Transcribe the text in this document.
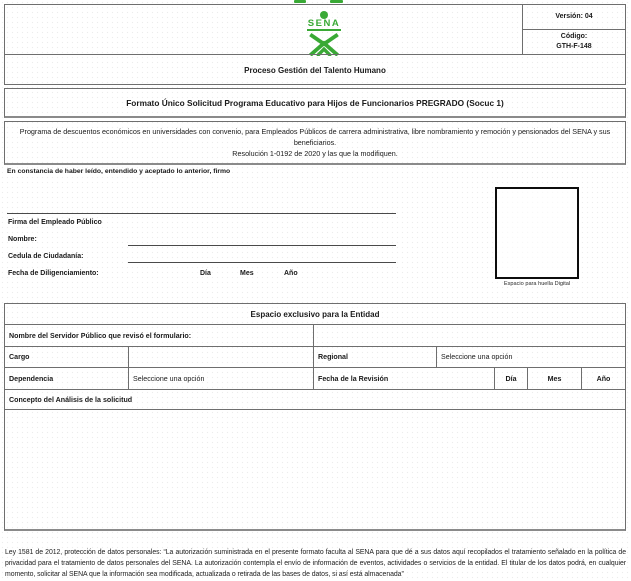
SENA
Versión: 04
Código:
GTH-F-148
Proceso Gestión del Talento Humano
Formato Único Solicitud Programa Educativo para Hijos de Funcionarios PREGRADO (Socuc 1)
Programa de descuentos económicos en universidades con convenio, para Empleados Públicos de carrera administrativa, libre nombramiento y remoción y pensionados del SENA y sus beneficiarios.
Resolución 1-0192 de 2020 y las que la modifiquen.
En constancia de haber leído, entendido y aceptado lo anterior, firmo
Firma del Empleado Público
Nombre:
Cedula de Ciudadanía:
Fecha de Diligenciamiento:	Día	Mes	Año
Espacio para huella Digital
Espacio exclusivo para la Entidad
Nombre del Servidor Público que revisó el formulario:
Cargo	Regional	Seleccione una opción
Dependencia	Seleccione una opción	Fecha de la Revisión	Día	Mes	Año
Concepto del Análisis de la solicitud
Ley 1581 de 2012, protección de datos personales: “La autorización suministrada en el presente formato faculta al SENA para que dé a sus datos aquí recopilados el tratamiento señalado en la política de privacidad para el tratamiento de datos personales del SENA. La autorización contempla el envío de información de eventos, actividades o servicios de la entidad. El titular de los datos podrá, en cualquier momento, solicitar al SENA que la información sea modificada, actualizada o retirada de las bases de datos, si así está almacenada”
